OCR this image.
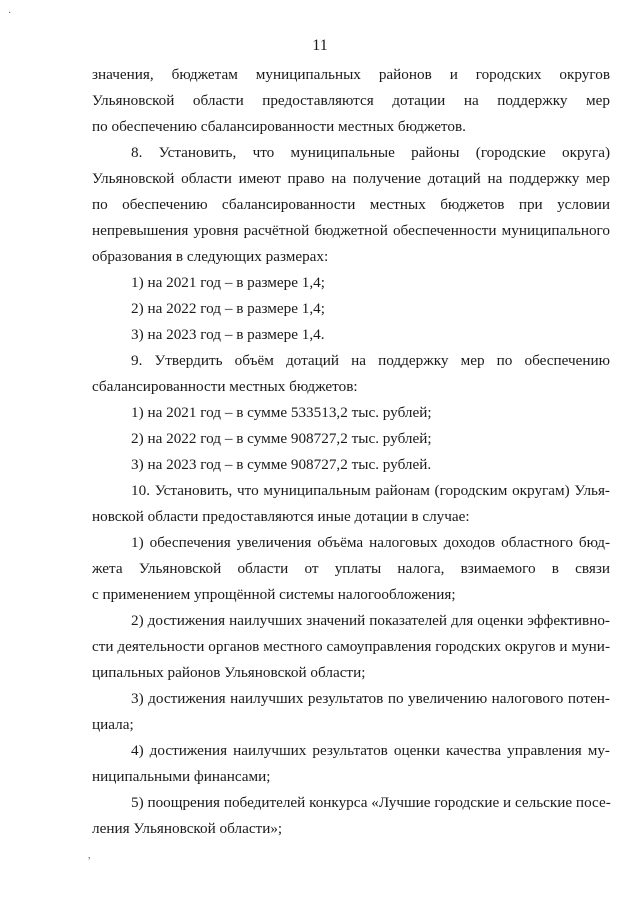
11
значения, бюджетам муниципальных районов и городских округов
Ульяновской области предоставляются дотации на поддержку мер
по обеспечению сбалансированности местных бюджетов.
8. Установить, что муниципальные районы (городские округа)
Ульяновской области имеют право на получение дотаций на поддержку мер
по обеспечению сбалансированности местных бюджетов при условии
непревышения уровня расчётной бюджетной обеспеченности муниципального
образования в следующих размерах:
1) на 2021 год – в размере 1,4;
2) на 2022 год – в размере 1,4;
3) на 2023 год – в размере 1,4.
9. Утвердить объём дотаций на поддержку мер по обеспечению
сбалансированности местных бюджетов:
1) на 2021 год – в сумме 533513,2 тыс. рублей;
2) на 2022 год – в сумме 908727,2 тыс. рублей;
3) на 2023 год – в сумме 908727,2 тыс. рублей.
10. Установить, что муниципальным районам (городским округам) Улья-
новской области предоставляются иные дотации в случае:
1) обеспечения увеличения объёма налоговых доходов областного бюд-
жета Ульяновской области от уплаты налога, взимаемого в связи
с применением упрощённой системы налогообложения;
2) достижения наилучших значений показателей для оценки эффективно-
сти деятельности органов местного самоуправления городских округов и муни-
ципальных районов Ульяновской области;
3) достижения наилучших результатов по увеличению налогового потен-
циала;
4) достижения наилучших результатов оценки качества управления му-
ниципальными финансами;
5) поощрения победителей конкурса «Лучшие городские и сельские посе-
ления Ульяновской области»;
·
,
